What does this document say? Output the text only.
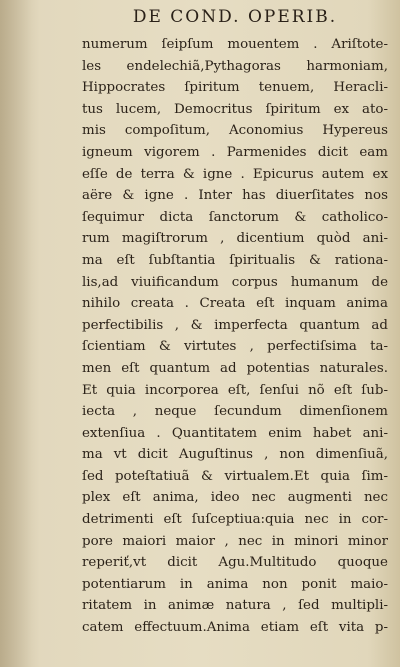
DE COND. OPERIB.
numerum ſeipſum mouentem . Ariſtote-
les endelechiã,Pythagoras harmoniam,
Hippocrates ſpiritum tenuem, Heracli-
tus lucem, Democritus ſpiritum ex ato-
mis compoſitum, Aconomius Hypereus
igneum vigorem . Parmenides dicit eam
eſſe de terra & igne . Epicurus autem ex
aëre & igne . Inter has diuerſitates nos
ſequimur dicta ſanctorum & catholico-
rum magiſtrorum , dicentium quòd ani-
ma eſt ſubſtantia ſpiritualis & rationa-
lis,ad viuificandum corpus humanum de
nihilo creata . Creata eſt inquam anima
perfectibilis , & imperfecta quantum ad
ſcientiam & virtutes , perfectiſsima ta-
men eſt quantum ad potentias naturales.
Et quia incorporea eſt, ſenſui nõ eſt ſub-
iecta , neque ſecundum dimenſionem
extenſiua . Quantitatem enim habet ani-
ma vt dicit Auguſtinus , non dimenſiuã,
ſed poteſtatiuã & virtualem.Et quia ſim-
plex eſt anima, ideo nec augmenti nec
detrimenti eſt ſuſceptiua:quia nec in cor-
pore maiori maior , nec in minori minor
reperiť,vt dicit Agu.Multitudo quoque
potentiarum in anima non ponit maio-
ritatem in animæ natura , ſed multipli-
catem effectuum.Anima etiam eſt vita p-
